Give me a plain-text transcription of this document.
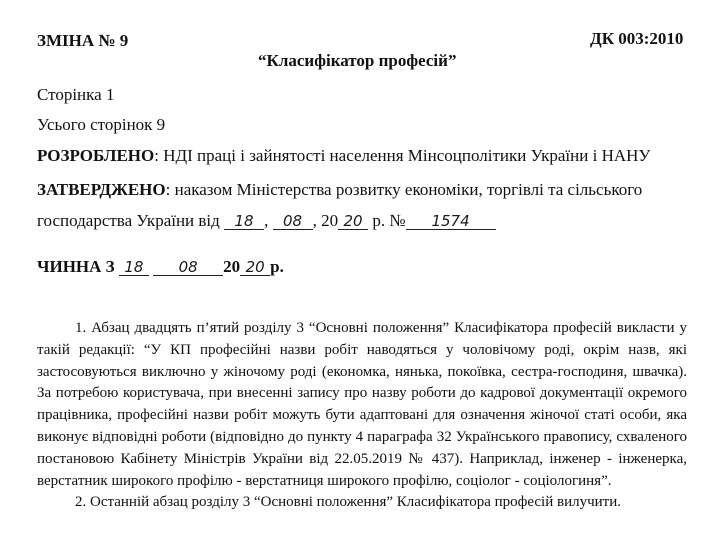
ЗМІНА № 9	ДК 003:2010
“Класифікатор професій”
Сторінка 1
Усього сторінок 9
РОЗРОБЛЕНО: НДІ праці і зайнятості населення Мінсоцполітики України і НАНУ
ЗАТВЕРДЖЕНО: наказом Міністерства розвитку економіки, торгівлі та сільського
господарства України від 18 , 08 , 20 20 р. № 1574
ЧИННА З 18 08 20 20 р.

1. Абзац двадцять п’ятий розділу 3 “Основні положення” Класифікатора професій викласти у такій редакції: “У КП професійні назви робіт наводяться у чоловічому роді, окрім назв, які застосовуються виключно у жіночому роді (економка, нянька, покоївка, сестра-господиня, швачка). За потребою користувача, при внесенні запису про назву роботи до кадрової документації окремого працівника, професійні назви робіт можуть бути адаптовані для означення жіночої статі особи, яка виконує відповідні роботи (відповідно до пункту 4 параграфа 32 Українського правопису, схваленого постановою Кабінету Міністрів України від 22.05.2019 № 437). Наприклад, інженер - інженерка, верстатник широкого профілю - верстатниця широкого профілю, соціолог - соціологиня”.

2. Останній абзац розділу 3 “Основні положення” Класифікатора професій вилучити.
